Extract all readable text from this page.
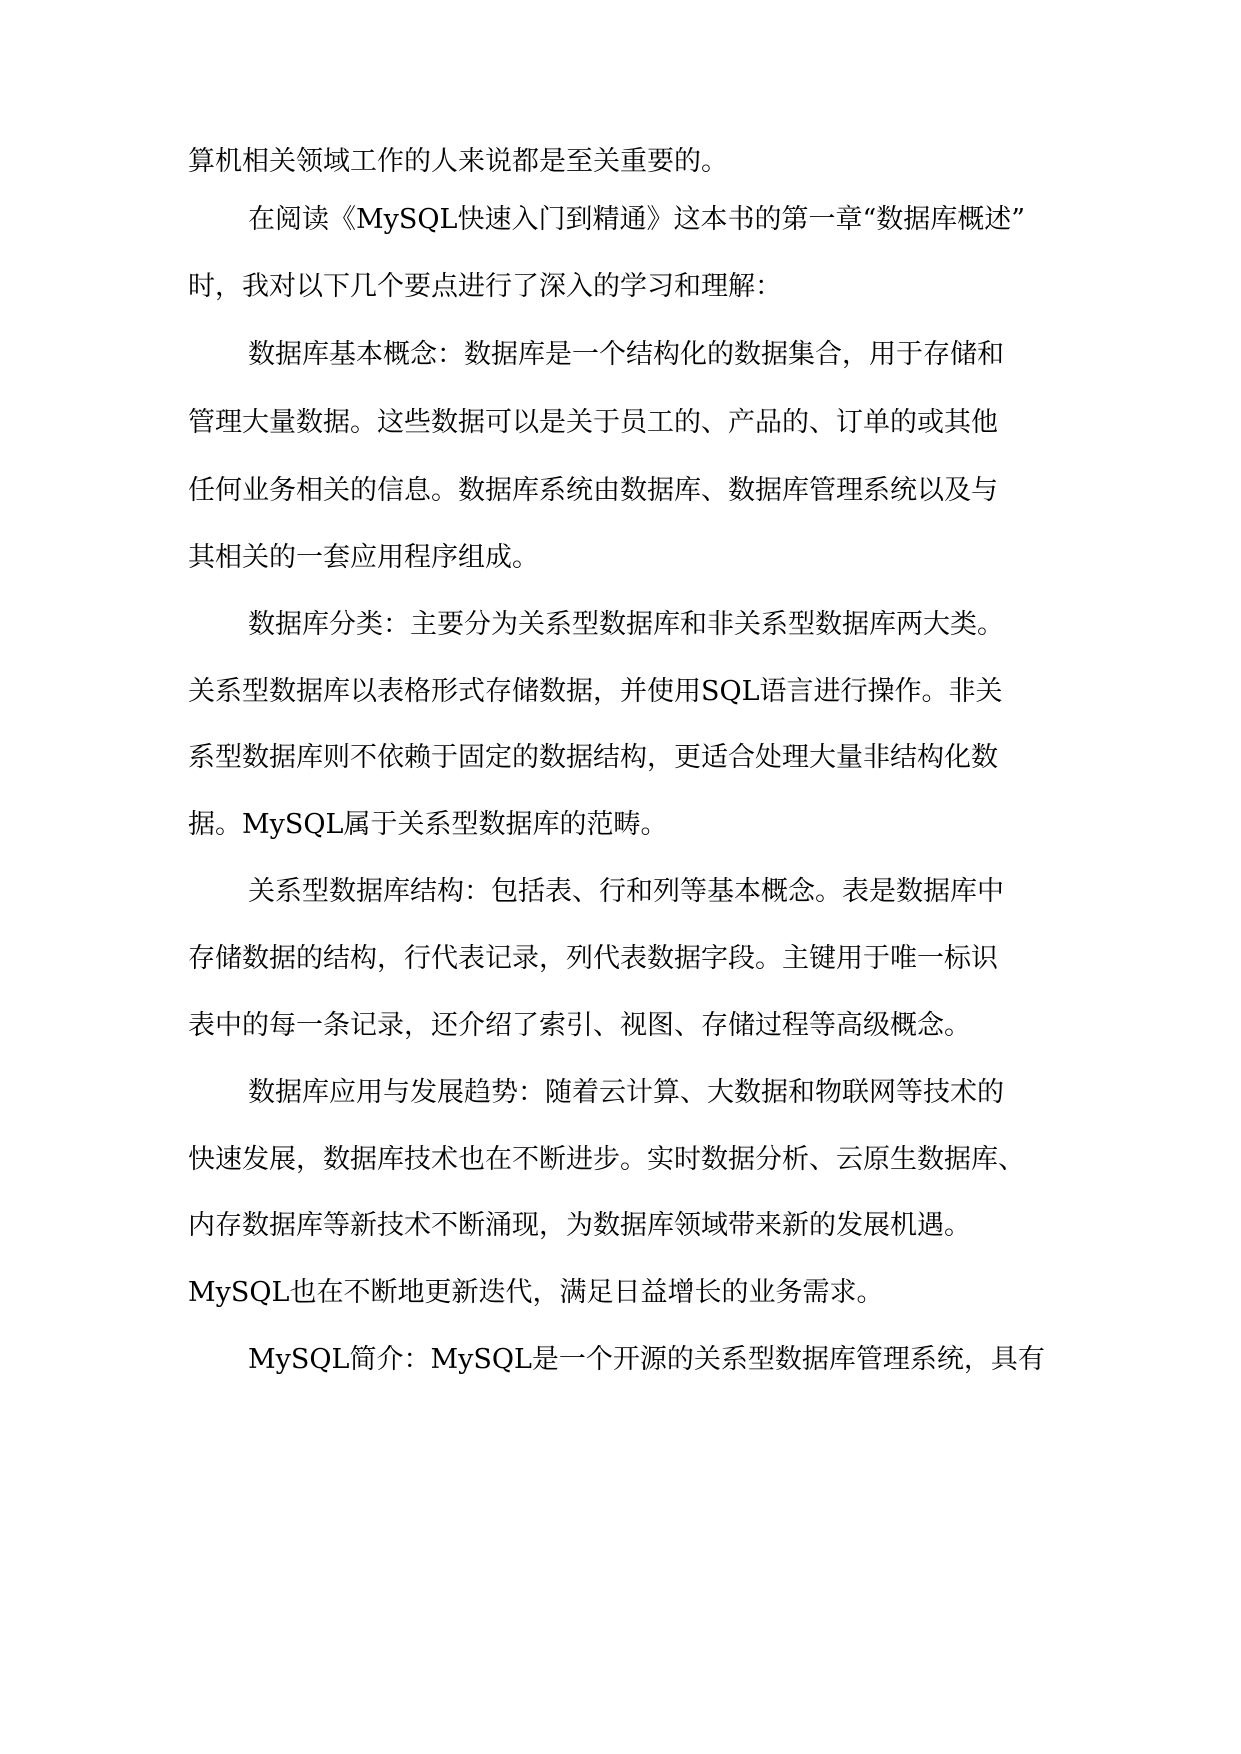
算机相关领域工作的人来说都是至关重要的。
在阅读《MySQL快速入门到精通》这本书的第一章“数据库概述”
时，我对以下几个要点进行了深入的学习和理解：
数据库基本概念：数据库是一个结构化的数据集合，用于存储和
管理大量数据。这些数据可以是关于员工的、产品的、订单的或其他
任何业务相关的信息。数据库系统由数据库、数据库管理系统以及与
其相关的一套应用程序组成。
数据库分类：主要分为关系型数据库和非关系型数据库两大类。
关系型数据库以表格形式存储数据，并使用SQL语言进行操作。非关
系型数据库则不依赖于固定的数据结构，更适合处理大量非结构化数
据。MySQL属于关系型数据库的范畴。
关系型数据库结构：包括表、行和列等基本概念。表是数据库中
存储数据的结构，行代表记录，列代表数据字段。主键用于唯一标识
表中的每一条记录，还介绍了索引、视图、存储过程等高级概念。
数据库应用与发展趋势：随着云计算、大数据和物联网等技术的
快速发展，数据库技术也在不断进步。实时数据分析、云原生数据库、
内存数据库等新技术不断涌现，为数据库领域带来新的发展机遇。
MySQL也在不断地更新迭代，满足日益增长的业务需求。
MySQL简介：MySQL是一个开源的关系型数据库管理系统，具有
